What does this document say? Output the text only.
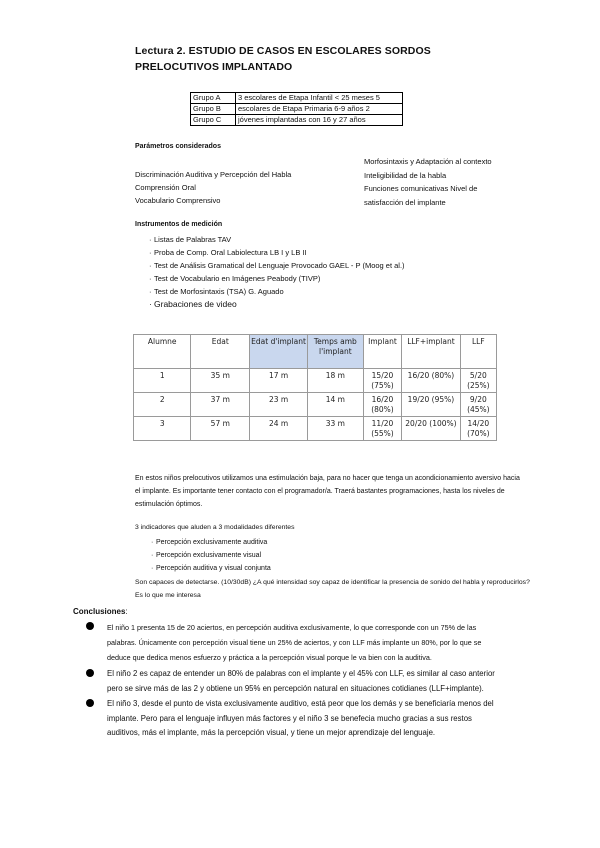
Lectura 2. ESTUDIO DE CASOS EN ESCOLARES SORDOS PRELOCUTIVOS IMPLANTADO
Grupo A	3 escolares de Etapa Infantil < 25 meses 5
Grupo B	escolares de Etapa Primaria 6-9 años 2
Grupo C	jóvenes implantadas con 16 y 27 años
Parámetros considerados
Discriminación Auditiva y Percepción del Habla
Comprensión Oral
Vocabulario Comprensivo
Morfosintaxis y Adaptación al contexto
Inteligibilidad de la habla
Funciones comunicativas Nivel de
satisfacción del implante
Instrumentos de medición
· Listas de Palabras TAV
· Proba de Comp. Oral Labiolectura LB I y LB II
· Test de Análisis Gramatical del Lenguaje Provocado GAEL - P (Moog et al.)
· Test de Vocabulario en Imágenes Peabody (TIVP)
· Test de Morfosintaxis (TSA) G. Aguado
· Grabaciones de video
Alumne	Edat	Edat d'implant	Temps amb l'implant	Implant	LLF+implant	LLF
1	35 m	17 m	18 m	15/20 (75%)	16/20 (80%)	5/20 (25%)
2	37 m	23 m	14 m	16/20 (80%)	19/20 (95%)	9/20 (45%)
3	57 m	24 m	33 m	11/20 (55%)	20/20 (100%)	14/20 (70%)
En estos niños prelocutivos utilizamos una estimulación baja, para no hacer que tenga un acondicionamiento aversivo hacia el implante. Es importante tener contacto con el programador/a. Traerá bastantes programaciones, hasta los niveles de estimulación óptimos.
3 indicadores que aluden a 3 modalidades diferentes
· Percepción exclusivamente auditiva
· Percepción exclusivamente visual
· Percepción auditiva y visual conjunta
Son capaces de detectarse. (10/30dB) ¿A qué intensidad soy capaz de identificar la presencia de sonido del habla y reproducirlos? Es lo que me interesa
Conclusiones:
El niño 1 presenta 15 de 20 aciertos, en percepción auditiva exclusivamente, lo que corresponde con un 75% de las palabras. Únicamente con percepción visual tiene un 25% de aciertos, y con LLF más implante un 80%, por lo que se deduce que dedica menos esfuerzo y práctica a la percepción visual porque le va bien con la auditiva.
El niño 2 es capaz de entender un 80% de palabras con el implante y el 45% con LLF, es similar al caso anterior pero se sirve más de las 2 y obtiene un 95% en percepción natural en situaciones cotidianes (LLF+implante).
El niño 3, desde el punto de vista exclusivamente auditivo, está peor que los demás y se beneficiaría menos del implante. Pero para el lenguaje influyen más factores y el niño 3 se benefecia mucho gracias a sus restos auditivos, más el implante, más la percepción visual, y tiene un mejor aprendizaje del lenguaje.
